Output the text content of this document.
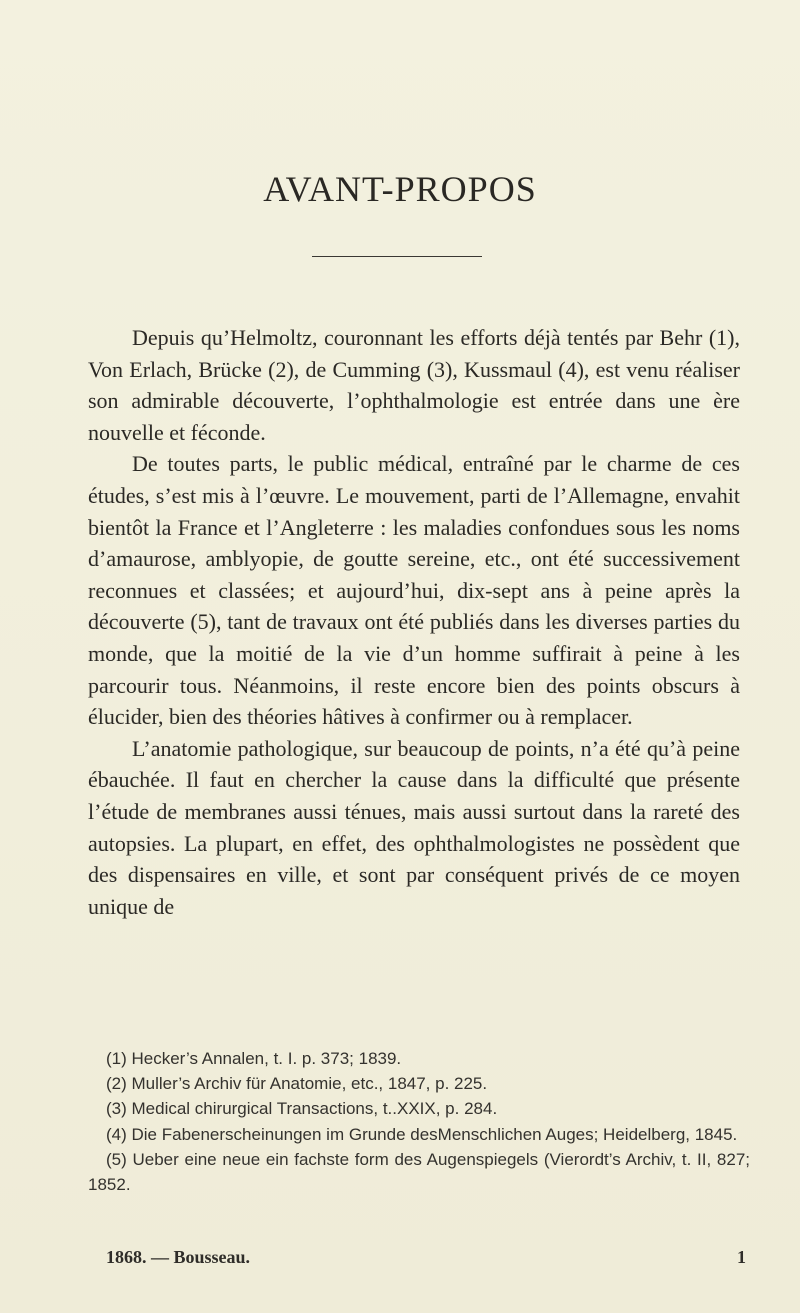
AVANT-PROPOS

Depuis qu’Helmoltz, couronnant les efforts déjà tentés par Behr (1), Von Erlach, Brücke (2), de Cumming (3), Kussmaul (4), est venu réaliser son admirable découverte, l’ophthalmologie est entrée dans une ère nouvelle et féconde.

De toutes parts, le public médical, entraîné par le charme de ces études, s’est mis à l’œuvre. Le mouvement, parti de l’Allemagne, envahit bientôt la France et l’Angleterre : les maladies confondues sous les noms d’amaurose, amblyopie, de goutte sereine, etc., ont été successivement reconnues et classées; et aujourd’hui, dix-sept ans à peine après la découverte (5), tant de travaux ont été publiés dans les diverses parties du monde, que la moitié de la vie d’un homme suffirait à peine à les parcourir tous. Néanmoins, il reste encore bien des points obscurs à élucider, bien des théories hâtives à confirmer ou à remplacer.

L’anatomie pathologique, sur beaucoup de points, n’a été qu’à peine ébauchée. Il faut en chercher la cause dans la difficulté que présente l’étude de membranes aussi ténues, mais aussi surtout dans la rareté des autopsies. La plupart, en effet, des ophthalmologistes ne possèdent que des dispensaires en ville, et sont par conséquent privés de ce moyen unique de

(1) Hecker’s Annalen, t. I. p. 373; 1839.

(2) Muller’s Archiv für Anatomie, etc., 1847, p. 225.

(3) Medical chirurgical Transactions, t..XXIX, p. 284.

(4) Die Fabenerscheinungen im Grunde desMenschlichen Auges; Heidelberg, 1845.

(5) Ueber eine neue ein fachste form des Augenspiegels (Vierordt’s Archiv, t. II, 827; 1852.

1868. — Bousseau.	1
